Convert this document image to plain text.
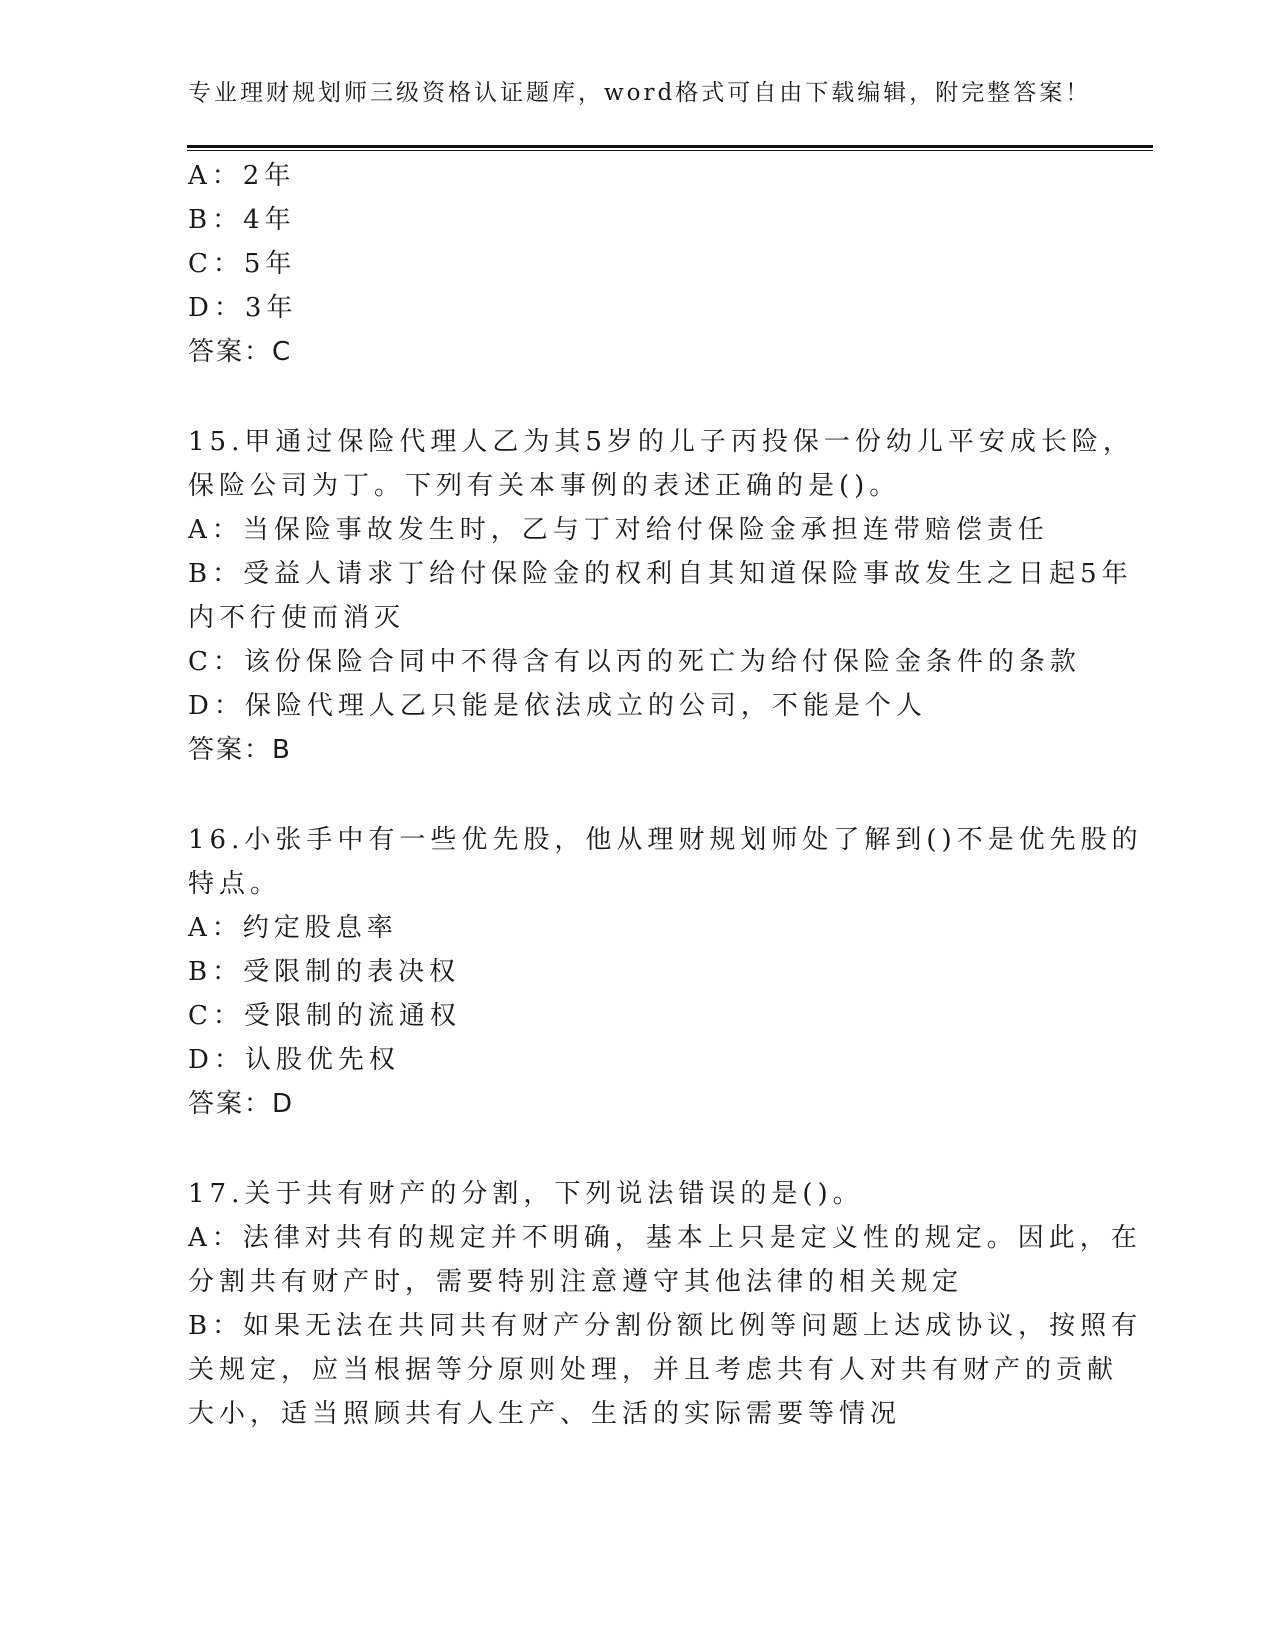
专业理财规划师三级资格认证题库，word格式可自由下载编辑，附完整答案！
A：2年
B：4年
C：5年
D：3年
答案：C
15.甲通过保险代理人乙为其5岁的儿子丙投保一份幼儿平安成长险，
保险公司为丁。下列有关本事例的表述正确的是()。
A：当保险事故发生时，乙与丁对给付保险金承担连带赔偿责任
B：受益人请求丁给付保险金的权利自其知道保险事故发生之日起5年
内不行使而消灭
C：该份保险合同中不得含有以丙的死亡为给付保险金条件的条款
D：保险代理人乙只能是依法成立的公司，不能是个人
答案：B
16.小张手中有一些优先股，他从理财规划师处了解到()不是优先股的
特点。
A：约定股息率
B：受限制的表决权
C：受限制的流通权
D：认股优先权
答案：D
17.关于共有财产的分割，下列说法错误的是()。
A：法律对共有的规定并不明确，基本上只是定义性的规定。因此，在
分割共有财产时，需要特别注意遵守其他法律的相关规定
B：如果无法在共同共有财产分割份额比例等问题上达成协议，按照有
关规定，应当根据等分原则处理，并且考虑共有人对共有财产的贡献
大小，适当照顾共有人生产、生活的实际需要等情况
